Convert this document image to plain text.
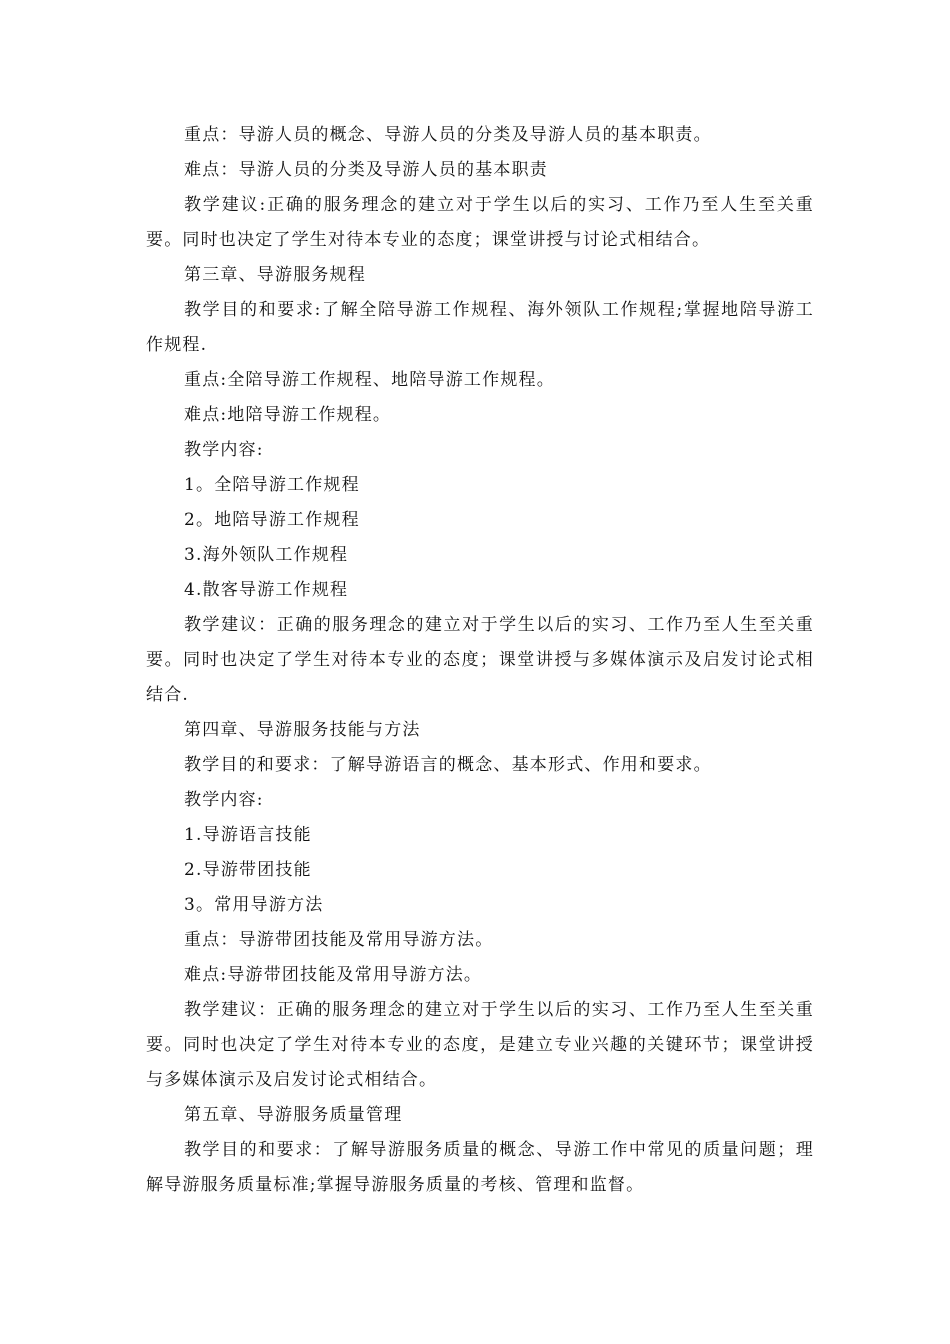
重点：导游人员的概念、导游人员的分类及导游人员的基本职责。

难点：导游人员的分类及导游人员的基本职责

教学建议:正确的服务理念的建立对于学生以后的实习、工作乃至人生至关重要。同时也决定了学生对待本专业的态度；课堂讲授与讨论式相结合。

第三章、导游服务规程

教学目的和要求:了解全陪导游工作规程、海外领队工作规程;掌握地陪导游工作规程.

重点:全陪导游工作规程、地陪导游工作规程。

难点:地陪导游工作规程。

教学内容:

1。全陪导游工作规程

2。地陪导游工作规程

3.海外领队工作规程

4.散客导游工作规程

教学建议：正确的服务理念的建立对于学生以后的实习、工作乃至人生至关重要。同时也决定了学生对待本专业的态度；课堂讲授与多媒体演示及启发讨论式相结合.

第四章、导游服务技能与方法

教学目的和要求：了解导游语言的概念、基本形式、作用和要求。

教学内容:

1.导游语言技能

2.导游带团技能

3。常用导游方法

重点：导游带团技能及常用导游方法。

难点:导游带团技能及常用导游方法。

教学建议：正确的服务理念的建立对于学生以后的实习、工作乃至人生至关重要。同时也决定了学生对待本专业的态度，是建立专业兴趣的关键环节；课堂讲授与多媒体演示及启发讨论式相结合。

第五章、导游服务质量管理

教学目的和要求：了解导游服务质量的概念、导游工作中常见的质量问题；理解导游服务质量标准;掌握导游服务质量的考核、管理和监督。
